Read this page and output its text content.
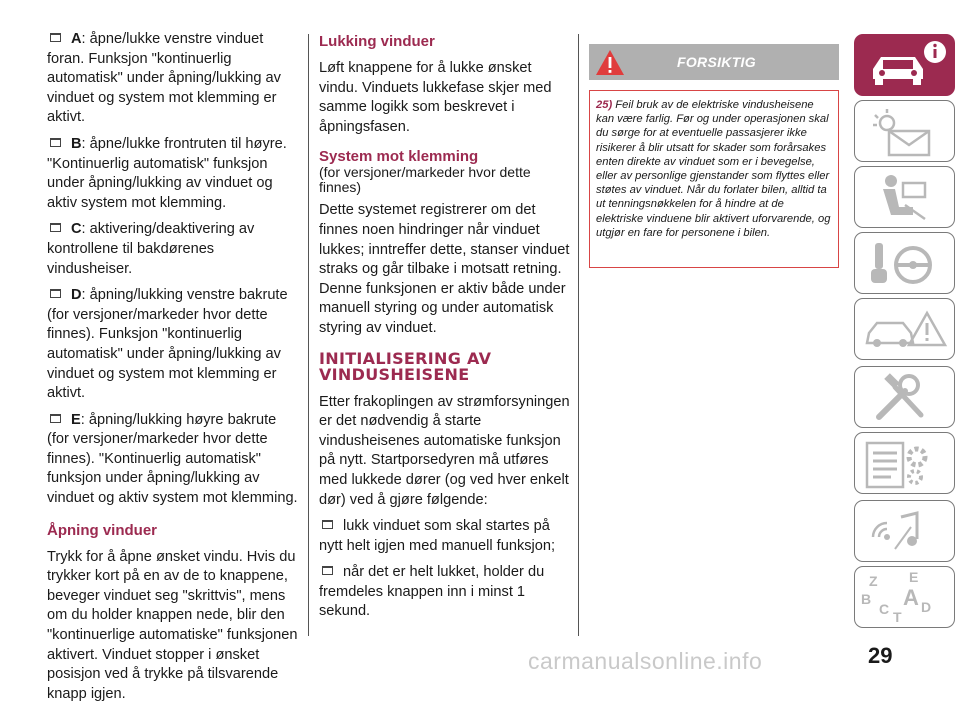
A: åpne/lukke venstre vinduet foran. Funksjon "kontinuerlig automatisk" under åpning/lukking av vinduet og system mot klemming er aktivt.

B: åpne/lukke frontruten til høyre. "Kontinuerlig automatisk" funksjon under åpning/lukking av vinduet og aktiv system mot klemming.

C: aktivering/deaktivering av kontrollene til bakdørenes vindusheiser.

D: åpning/lukking venstre bakrute (for versjoner/markeder hvor dette finnes). Funksjon "kontinuerlig automatisk" under åpning/lukking av vinduet og system mot klemming er aktivt.

E: åpning/lukking høyre bakrute (for versjoner/markeder hvor dette finnes). "Kontinuerlig automatisk" funksjon under åpning/lukking av vinduet og aktiv system mot klemming.

Åpning vinduer

Trykk for å åpne ønsket vindu. Hvis du trykker kort på en av de to knappene, beveger vinduet seg "skrittvis", mens om du holder knappen nede, blir den "kontinuerlige automatiske" funksjonen aktivert. Vinduet stopper i ønsket posisjon ved å trykke på tilsvarende knapp igjen.

Lukking vinduer

Løft knappene for å lukke ønsket vindu. Vinduets lukkefase skjer med samme logikk som beskrevet i åpningsfasen.

System mot klemming
(for versjoner/markeder hvor dette finnes)

Dette systemet registrerer om det finnes noen hindringer når vinduet lukkes; inntreffer dette, stanser vinduet straks og går tilbake i motsatt retning. Denne funksjonen er aktiv både under manuell styring og under automatisk styring av vinduet.

INITIALISERING AV
VINDUSHEISENE

Etter frakoplingen av strømforsyningen er det nødvendig å starte vindusheisenes automatiske funksjon på nytt. Startporsedyren må utføres med lukkede dører (og ved hver enkelt dør) ved å gjøre følgende:

lukk vinduet som skal startes på nytt helt igjen med manuell funksjon;

når det er helt lukket, holder du fremdeles knappen inn i minst 1 sekund.

FORSIKTIG
25) Feil bruk av de elektriske vindusheisene kan være farlig. Før og under operasjonen skal du sørge for at eventuelle passasjerer ikke risikerer å blir utsatt for skader som forårsakes enten direkte av vinduet som er i bevegelse, eller av personlige gjenstander som flyttes eller støtes av vinduet. Når du forlater bilen, alltid ta ut tenningsnøkkelen for å hindre at de elektriske vinduene blir aktivert uforvarende, og utgjør en fare for personene i bilen.
Z E
B A
C D
T
29
carmanualsonline.info
